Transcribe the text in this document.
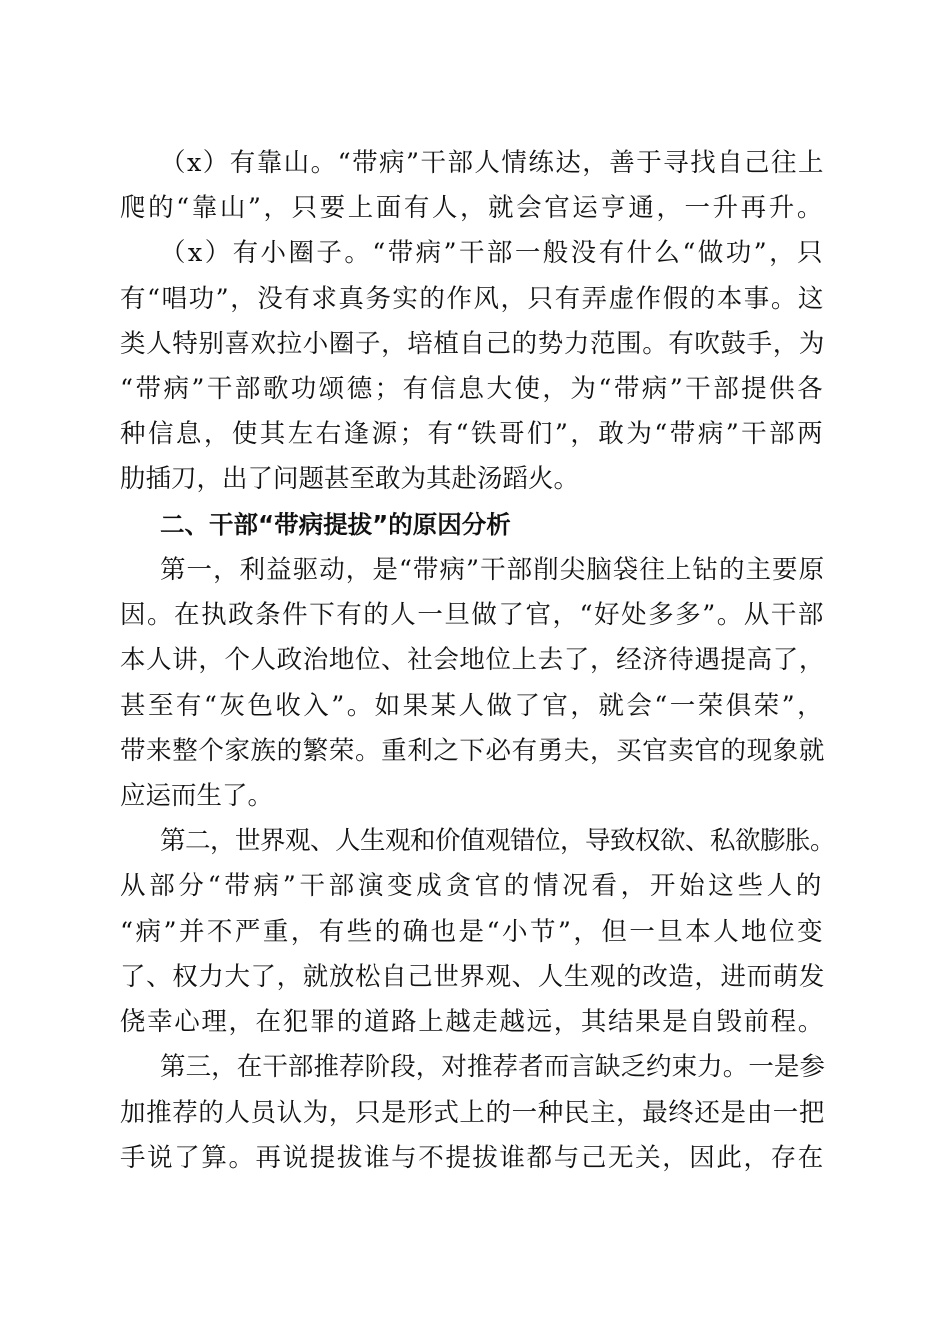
（x）有靠山。“带病”干部人情练达，善于寻找自己往上
爬的“靠山”，只要上面有人，就会官运亨通，一升再升。
（x）有小圈子。“带病”干部一般没有什么“做功”，只
有“唱功”，没有求真务实的作风，只有弄虚作假的本事。这
类人特别喜欢拉小圈子，培植自己的势力范围。有吹鼓手，为
“带病”干部歌功颂德；有信息大使，为“带病”干部提供各
种信息，使其左右逢源；有“铁哥们”，敢为“带病”干部两
肋插刀，出了问题甚至敢为其赴汤蹈火。
二、干部“带病提拔”的原因分析
第一，利益驱动，是“带病”干部削尖脑袋往上钻的主要原
因。在执政条件下有的人一旦做了官，“好处多多”。从干部
本人讲，个人政治地位、社会地位上去了，经济待遇提高了，
甚至有“灰色收入”。如果某人做了官，就会“一荣俱荣”，
带来整个家族的繁荣。重利之下必有勇夫，买官卖官的现象就
应运而生了。
第二，世界观、人生观和价值观错位，导致权欲、私欲膨胀。
从部分“带病”干部演变成贪官的情况看，开始这些人的
“病”并不严重，有些的确也是“小节”，但一旦本人地位变
了、权力大了，就放松自己世界观、人生观的改造，进而萌发
侥幸心理，在犯罪的道路上越走越远，其结果是自毁前程。
第三，在干部推荐阶段，对推荐者而言缺乏约束力。一是参
加推荐的人员认为，只是形式上的一种民主，最终还是由一把
手说了算。再说提拔谁与不提拔谁都与己无关，因此，存在
